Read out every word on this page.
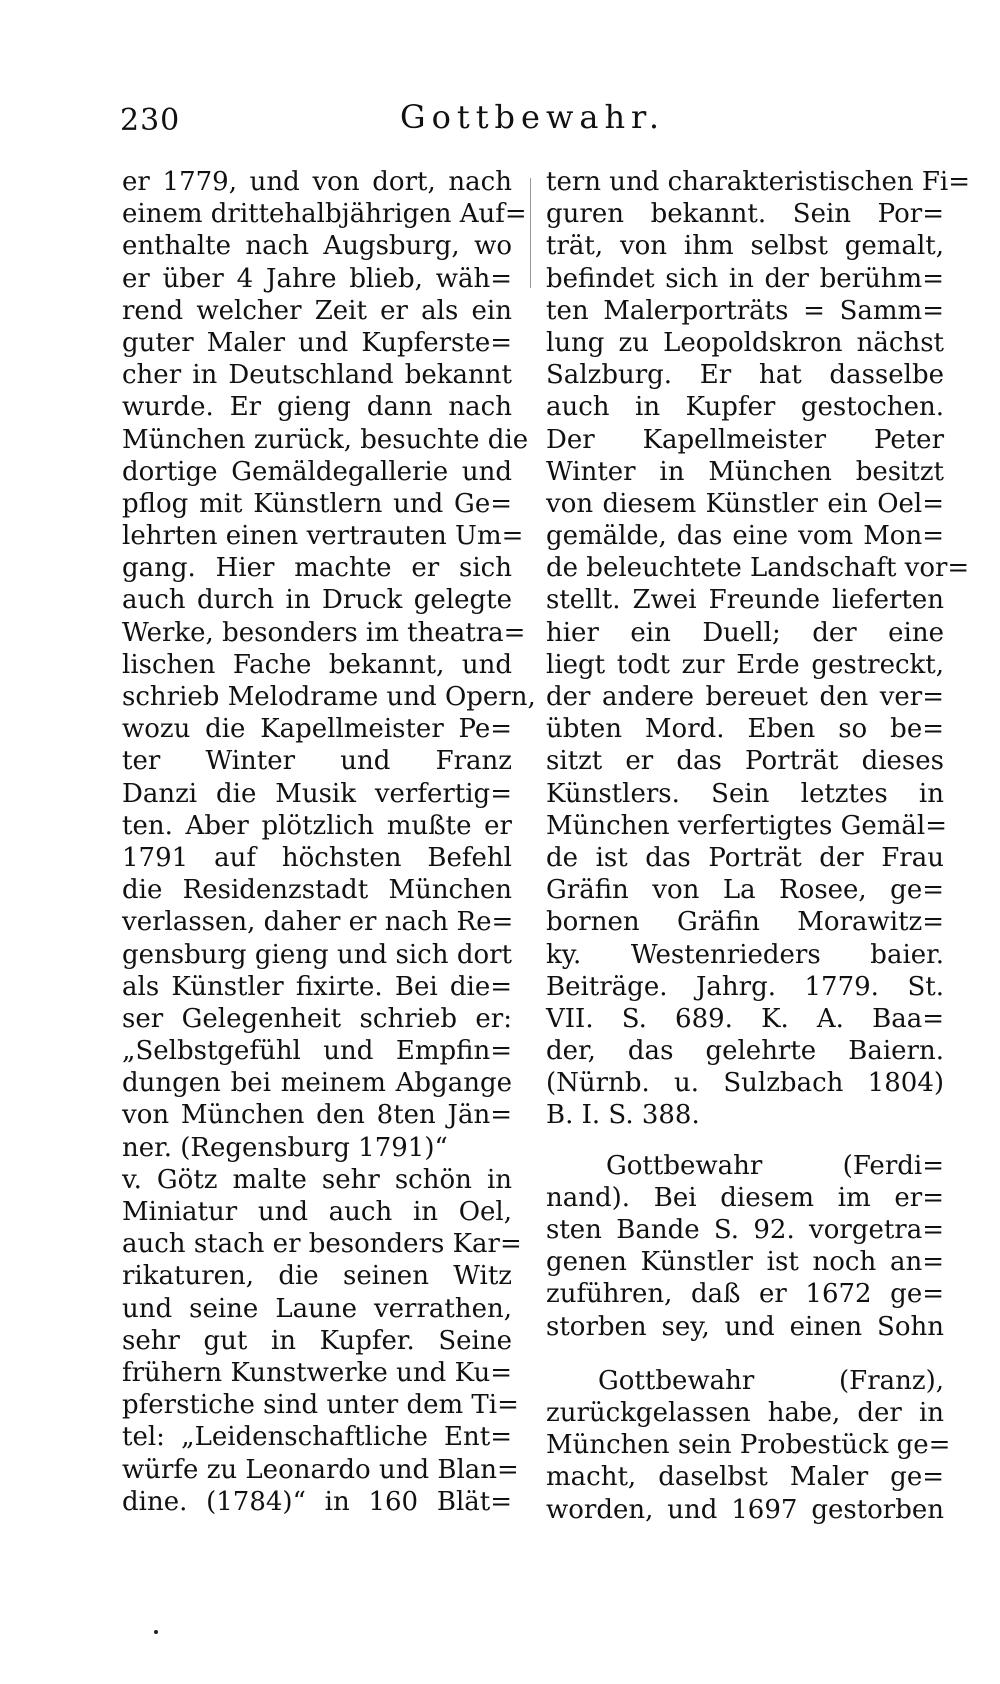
230	Gottbewahr.

er 1779, und von dort, nach
einem drittehalbjährigen Auf=
enthalte nach Augsburg, wo
er über 4 Jahre blieb, wäh=
rend welcher Zeit er als ein
guter Maler und Kupferste=
cher in Deutschland bekannt
wurde. Er gieng dann nach
München zurück, besuchte die
dortige Gemäldegallerie und
pflog mit Künstlern und Ge=
lehrten einen vertrauten Um=
gang. Hier machte er sich
auch durch in Druck gelegte
Werke, besonders im theatra=
lischen Fache bekannt, und
schrieb Melodrame und Opern,
wozu die Kapellmeister Pe=
ter Winter und Franz
Danzi die Musik verfertig=
ten. Aber plötzlich mußte er
1791 auf höchsten Befehl
die Residenzstadt München
verlassen, daher er nach Re=
gensburg gieng und sich dort
als Künstler fixirte. Bei die=
ser Gelegenheit schrieb er:
„Selbstgefühl und Empfin=
dungen bei meinem Abgange
von München den 8ten Jän=
ner. (Regensburg 1791)“
v. Götz malte sehr schön in
Miniatur und auch in Oel,
auch stach er besonders Kar=
rikaturen, die seinen Witz
und seine Laune verrathen,
sehr gut in Kupfer. Seine
frühern Kunstwerke und Ku=
pferstiche sind unter dem Ti=
tel: „Leidenschaftliche Ent=
würfe zu Leonardo und Blan=
dine. (1784)“ in 160 Blät=
tern und charakteristischen Fi=
guren bekannt. Sein Por=
trät, von ihm selbst gemalt,
befindet sich in der berühm=
ten Malerporträts = Samm=
lung zu Leopoldskron nächst
Salzburg. Er hat dasselbe
auch in Kupfer gestochen.
Der Kapellmeister Peter
Winter in München besitzt
von diesem Künstler ein Oel=
gemälde, das eine vom Mon=
de beleuchtete Landschaft vor=
stellt. Zwei Freunde lieferten
hier ein Duell; der eine
liegt todt zur Erde gestreckt,
der andere bereuet den ver=
übten Mord. Eben so be=
sitzt er das Porträt dieses
Künstlers. Sein letztes in
München verfertigtes Gemäl=
de ist das Porträt der Frau
Gräfin von La Rosee, ge=
bornen Gräfin Morawitz=
ky. Westenrieders baier.
Beiträge. Jahrg. 1779. St.
VII. S. 689. K. A. Baa=
der, das gelehrte Baiern.
(Nürnb. u. Sulzbach 1804)
B. I. S. 388.
Gottbewahr (Ferdi=
nand). Bei diesem im er=
sten Bande S. 92. vorgetra=
genen Künstler ist noch an=
zuführen, daß er 1672 ge=
storben sey, und einen Sohn
Gottbewahr (Franz),
zurückgelassen habe, der in
München sein Probestück ge=
macht, daselbst Maler ge=
worden, und 1697 gestorben
